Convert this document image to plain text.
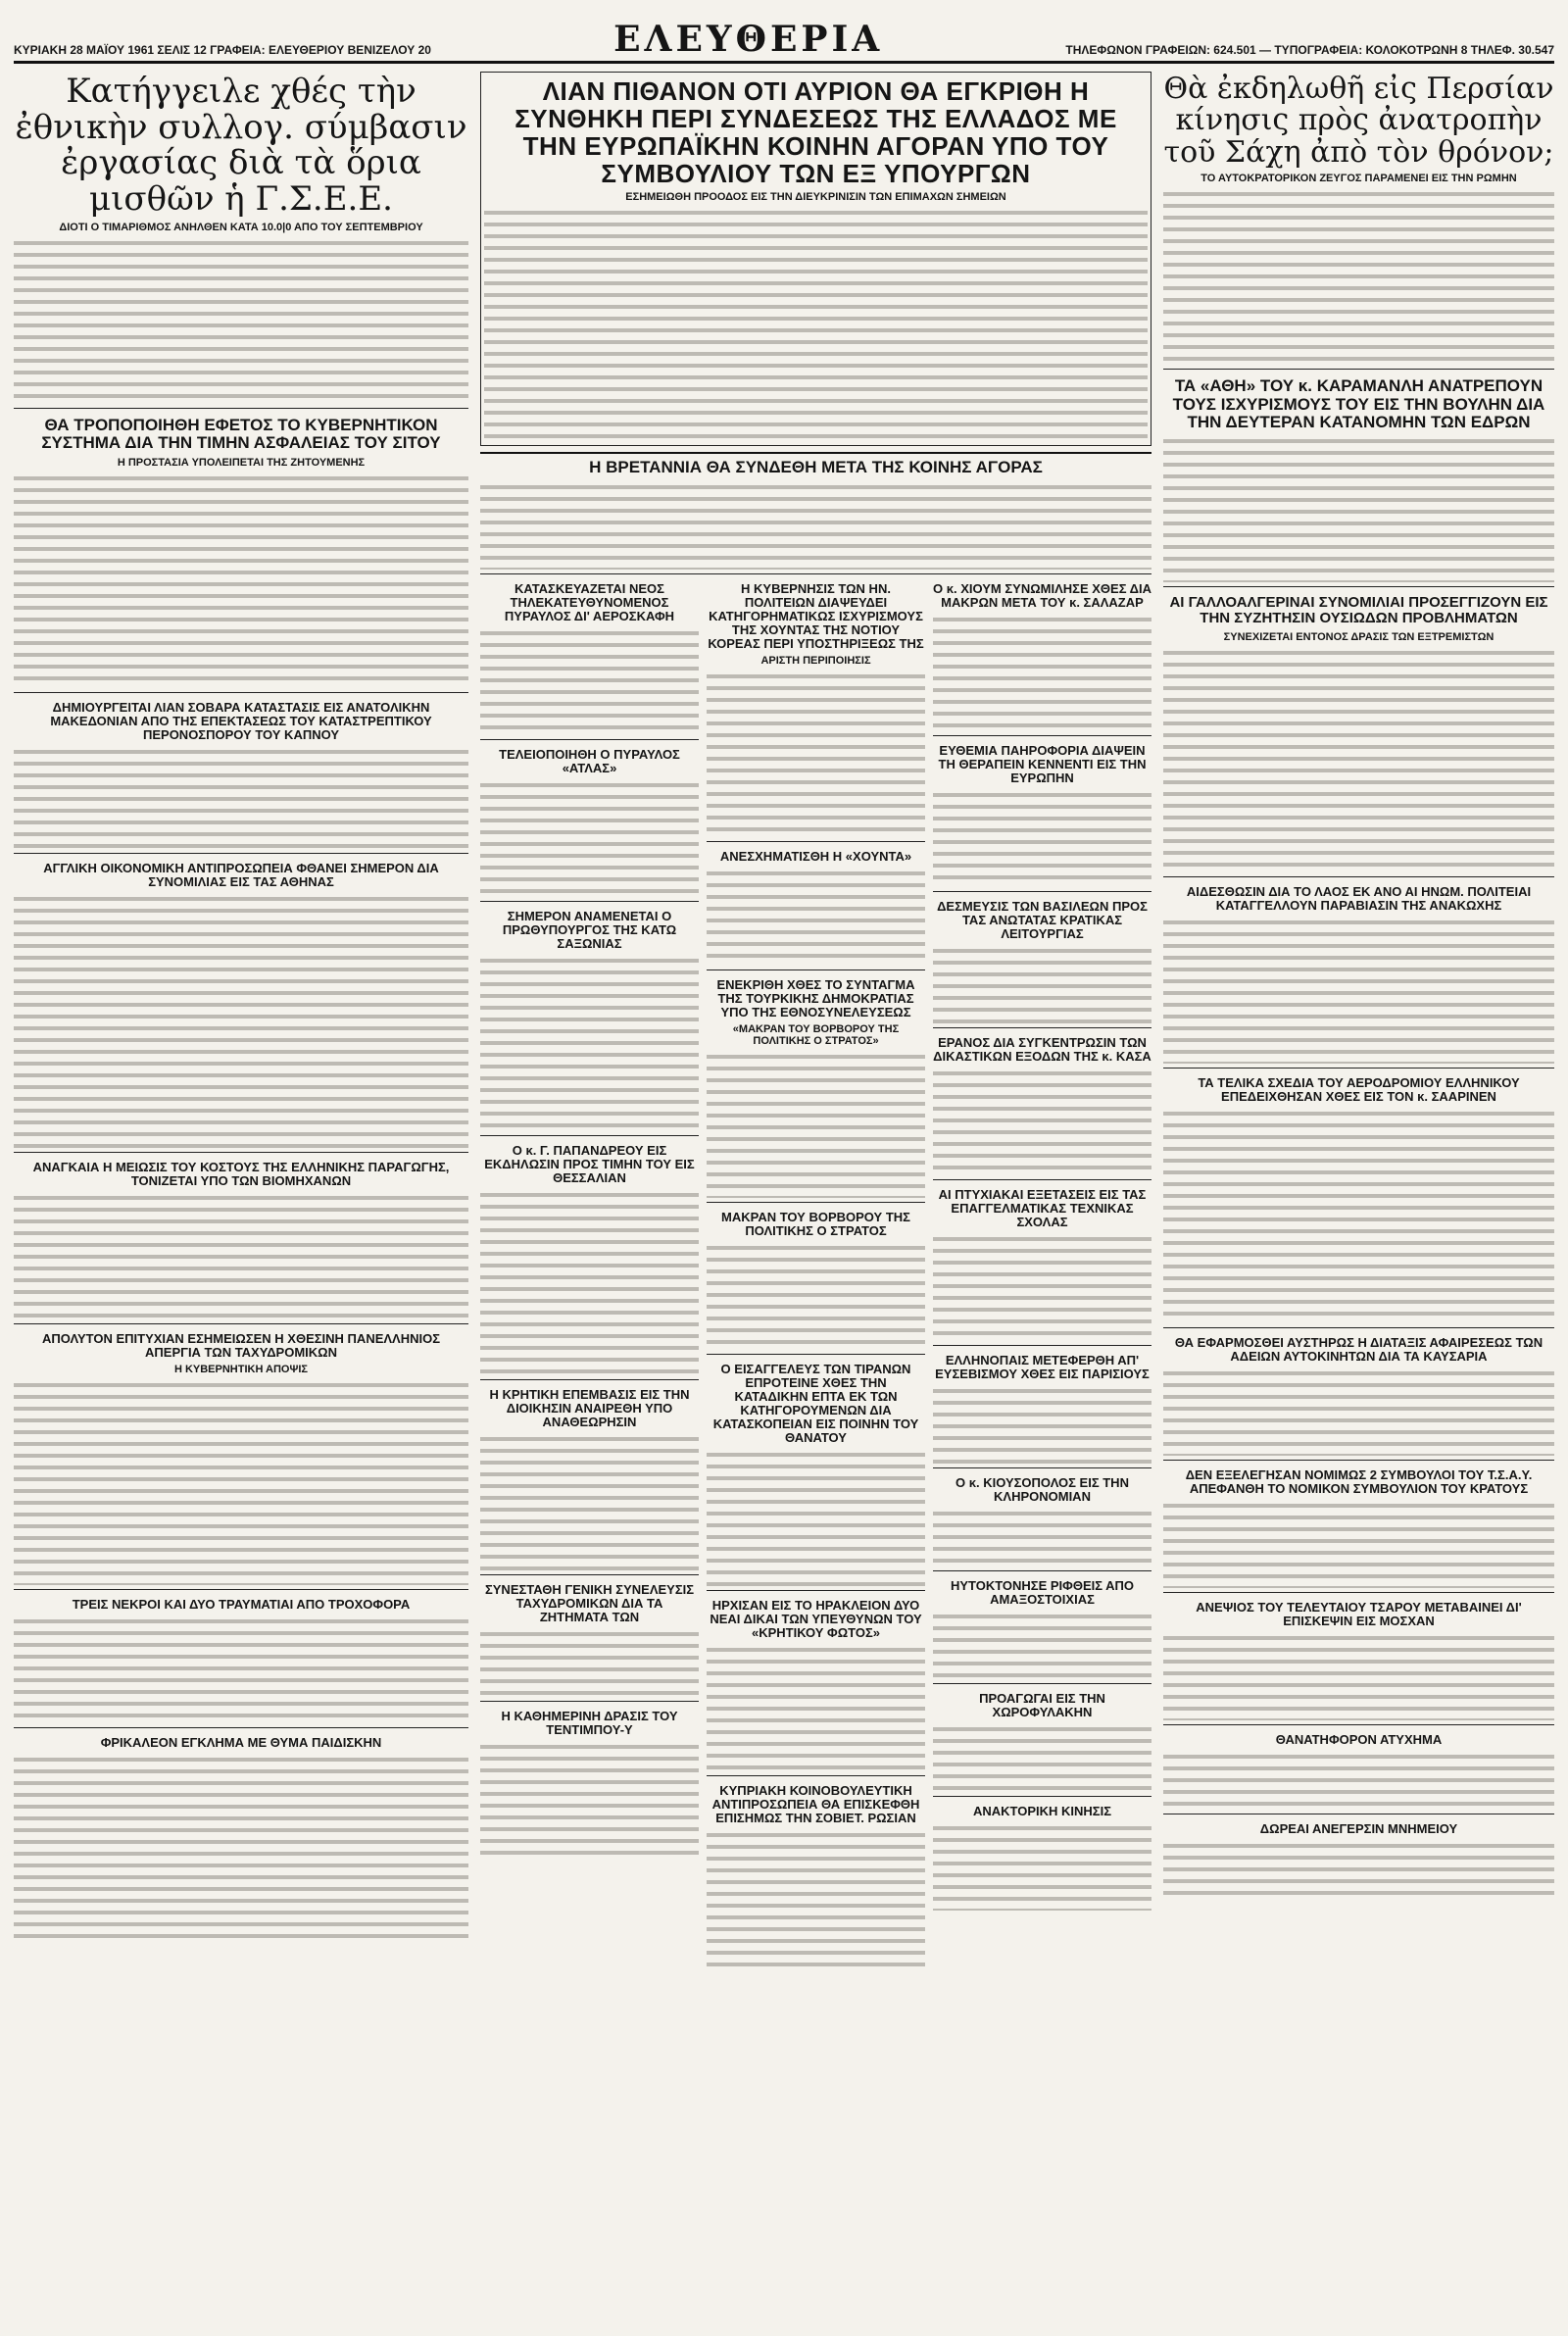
ΚΥΡΙΑΚΗ 28 ΜΑΪΟΥ 1961 ΣΕΛΙΣ 12 ΓΡΑΦΕΙΑ: ΕΛΕΥΘΕΡΙΟΥ ΒΕΝΙΖΕΛΟΥ 20	ΕΛΕΥΘΕΡΙΑ	ΤΗΛΕΦΩΝΟΝ ΓΡΑΦΕΙΩΝ: 624.501 — ΤΥΠΟΓΡΑΦΕΙΑ: ΚΟΛΟΚΟΤΡΩΝΗ 8 ΤΗΛΕΦ. 30.547
Κατήγγειλε χθές τὴν ἐθνικὴν συλλογ. σύμβασιν ἐργασίας διὰ τὰ ὅρια μισθῶν ἡ Γ.Σ.Ε.Ε.
ΔΙΟΤΙ Ο ΤΙΜΑΡΙΘΜΟΣ ΑΝΗΛΘΕΝ ΚΑΤΑ 10.0|0 ΑΠΟ ΤΟΥ ΣΕΠΤΕΜΒΡΙΟΥ
ΘΑ ΤΡΟΠΟΠΟΙΗΘΗ ΕΦΕΤΟΣ ΤΟ ΚΥΒΕΡΝΗΤΙΚΟΝ ΣΥΣΤΗΜΑ ΔΙΑ ΤΗΝ ΤΙΜΗΝ ΑΣΦΑΛΕΙΑΣ ΤΟΥ ΣΙΤΟΥ
Η ΠΡΟΣΤΑΣΙΑ ΥΠΟΛΕΙΠΕΤΑΙ ΤΗΣ ΖΗΤΟΥΜΕΝΗΣ
ΔΗΜΙΟΥΡΓΕΙΤΑΙ ΛΙΑΝ ΣΟΒΑΡΑ ΚΑΤΑΣΤΑΣΙΣ ΕΙΣ ΑΝΑΤΟΛΙΚΗΝ ΜΑΚΕΔΟΝΙΑΝ ΑΠΟ ΤΗΣ ΕΠΕΚΤΑΣΕΩΣ ΤΟΥ ΚΑΤΑΣΤΡΕΠΤΙΚΟΥ ΠΕΡΟΝΟΣΠΟΡΟΥ ΤΟΥ ΚΑΠΝΟΥ
ΑΓΓΛΙΚΗ ΟΙΚΟΝΟΜΙΚΗ ΑΝΤΙΠΡΟΣΩΠΕΙΑ ΦΘΑΝΕΙ ΣΗΜΕΡΟΝ ΔΙΑ ΣΥΝΟΜΙΛΙΑΣ ΕΙΣ ΤΑΣ ΑΘΗΝΑΣ
ΑΝΑΓΚΑΙΑ Η ΜΕΙΩΣΙΣ ΤΟΥ ΚΟΣΤΟΥΣ ΤΗΣ ΕΛΛΗΝΙΚΗΣ ΠΑΡΑΓΩΓΗΣ, ΤΟΝΙΖΕΤΑΙ ΥΠΟ ΤΩΝ ΒΙΟΜΗΧΑΝΩΝ
ΑΠΟΛΥΤΟΝ ΕΠΙΤΥΧΙΑΝ ΕΣΗΜΕΙΩΣΕΝ Η ΧΘΕΣΙΝΗ ΠΑΝΕΛΛΗΝΙΟΣ ΑΠΕΡΓΙΑ ΤΩΝ ΤΑΧΥΔΡΟΜΙΚΩΝ
Η ΚΥΒΕΡΝΗΤΙΚΗ ΑΠΟΨΙΣ
ΤΡΕΙΣ ΝΕΚΡΟΙ ΚΑΙ ΔΥΟ ΤΡΑΥΜΑΤΙΑΙ ΑΠΟ ΤΡΟΧΟΦΟΡΑ
ΦΡΙΚΑΛΕΟΝ ΕΓΚΛΗΜΑ ΜΕ ΘΥΜΑ ΠΑΙΔΙΣΚΗΝ
ΛΙΑΝ ΠΙΘΑΝΟΝ ΟΤΙ ΑΥΡΙΟΝ ΘΑ ΕΓΚΡΙΘΗ Η ΣΥΝΘΗΚΗ ΠΕΡΙ ΣΥΝΔΕΣΕΩΣ ΤΗΣ ΕΛΛΑΔΟΣ ΜΕ ΤΗΝ ΕΥΡΩΠΑΪΚΗΝ ΚΟΙΝΗΝ ΑΓΟΡΑΝ ΥΠΟ ΤΟΥ ΣΥΜΒΟΥΛΙΟΥ ΤΩΝ ΕΞ ΥΠΟΥΡΓΩΝ
ΕΣΗΜΕΙΩΘΗ ΠΡΟΟΔΟΣ ΕΙΣ ΤΗΝ ΔΙΕΥΚΡΙΝΙΣΙΝ ΤΩΝ ΕΠΙΜΑΧΩΝ ΣΗΜΕΙΩΝ
Η ΒΡΕΤΑΝΝΙΑ ΘΑ ΣΥΝΔΕΘΗ ΜΕΤΑ ΤΗΣ ΚΟΙΝΗΣ ΑΓΟΡΑΣ
ΚΑΤΑΣΚΕΥΑΖΕΤΑΙ ΝΕΟΣ ΤΗΛΕΚΑΤΕΥΘΥΝΟΜΕΝΟΣ ΠΥΡΑΥΛΟΣ ΔΙ' ΑΕΡΟΣΚΑΦΗ
ΤΕΛΕΙΟΠΟΙΗΘΗ Ο ΠΥΡΑΥΛΟΣ «ΑΤΛΑΣ»
ΣΗΜΕΡΟΝ ΑΝΑΜΕΝΕΤΑΙ Ο ΠΡΩΘΥΠΟΥΡΓΟΣ ΤΗΣ ΚΑΤΩ ΣΑΞΩΝΙΑΣ
Ο κ. Γ. ΠΑΠΑΝΔΡΕΟΥ ΕΙΣ ΕΚΔΗΛΩΣΙΝ ΠΡΟΣ ΤΙΜΗΝ ΤΟΥ ΕΙΣ ΘΕΣΣΑΛΙΑΝ
Η ΚΡΗΤΙΚΗ ΕΠΕΜΒΑΣΙΣ ΕΙΣ ΤΗΝ ΔΙΟΙΚΗΣΙΝ ΑΝΑΙΡΕΘΗ ΥΠΟ ΑΝΑΘΕΩΡΗΣΙΝ
ΣΥΝΕΣΤΑΘΗ ΓΕΝΙΚΗ ΣΥΝΕΛΕΥΣΙΣ ΤΑΧΥΔΡΟΜΙΚΩΝ ΔΙΑ ΤΑ ΖΗΤΗΜΑΤΑ ΤΩΝ
Η ΚΑΘΗΜΕΡΙΝΗ ΔΡΑΣΙΣ ΤΟΥ ΤΕΝΤΙΜΠΟΥ-Υ
Η ΚΥΒΕΡΝΗΣΙΣ ΤΩΝ ΗΝ. ΠΟΛΙΤΕΙΩΝ ΔΙΑΨΕΥΔΕΙ ΚΑΤΗΓΟΡΗΜΑΤΙΚΩΣ ΙΣΧΥΡΙΣΜΟΥΣ ΤΗΣ ΧΟΥΝΤΑΣ ΤΗΣ ΝΟΤΙΟΥ ΚΟΡΕΑΣ ΠΕΡΙ ΥΠΟΣΤΗΡΙΞΕΩΣ ΤΗΣ
ΑΡΙΣΤΗ ΠΕΡΙΠΟΙΗΣΙΣ
ΑΝΕΣΧΗΜΑΤΙΣΘΗ Η «ΧΟΥΝΤΑ»
ΕΝΕΚΡΙΘΗ ΧΘΕΣ ΤΟ ΣΥΝΤΑΓΜΑ ΤΗΣ ΤΟΥΡΚΙΚΗΣ ΔΗΜΟΚΡΑΤΙΑΣ ΥΠΟ ΤΗΣ ΕΘΝΟΣΥΝΕΛΕΥΣΕΩΣ
«ΜΑΚΡΑΝ ΤΟΥ ΒΟΡΒΟΡΟΥ ΤΗΣ ΠΟΛΙΤΙΚΗΣ Ο ΣΤΡΑΤΟΣ»
ΜΑΚΡΑΝ ΤΟΥ ΒΟΡΒΟΡΟΥ ΤΗΣ ΠΟΛΙΤΙΚΗΣ Ο ΣΤΡΑΤΟΣ
Ο ΕΙΣΑΓΓΕΛΕΥΣ ΤΩΝ ΤΙΡΑΝΩΝ ΕΠΡΟΤΕΙΝΕ ΧΘΕΣ ΤΗΝ ΚΑΤΑΔΙΚΗΝ ΕΠΤΑ ΕΚ ΤΩΝ ΚΑΤΗΓΟΡΟΥΜΕΝΩΝ ΔΙΑ ΚΑΤΑΣΚΟΠΕΙΑΝ ΕΙΣ ΠΟΙΝΗΝ ΤΟΥ ΘΑΝΑΤΟΥ
ΗΡΧΙΣΑΝ ΕΙΣ ΤΟ ΗΡΑΚΛΕΙΟΝ ΔΥΟ ΝΕΑΙ ΔΙΚΑΙ ΤΩΝ ΥΠΕΥΘΥΝΩΝ ΤΟΥ «ΚΡΗΤΙΚΟΥ ΦΩΤΟΣ»
ΚΥΠΡΙΑΚΗ ΚΟΙΝΟΒΟΥΛΕΥΤΙΚΗ ΑΝΤΙΠΡΟΣΩΠΕΙΑ ΘΑ ΕΠΙΣΚΕΦΘΗ ΕΠΙΣΗΜΩΣ ΤΗΝ ΣΟΒΙΕΤ. ΡΩΣΙΑΝ
Ο κ. ΧΙΟΥΜ ΣΥΝΩΜΙΛΗΣΕ ΧΘΕΣ ΔΙΑ ΜΑΚΡΩΝ ΜΕΤΑ ΤΟΥ κ. ΣΑΛΑΖΑΡ
ΕΥΘΕΜΙΑ ΠΑΗΡΟΦΟΡΙΑ ΔΙΑΨΕΙΝ ΤΗ ΘΕΡΑΠΕΙΝ ΚΕΝΝΕΝΤΙ ΕΙΣ ΤΗΝ ΕΥΡΩΠΗΝ
ΔΕΣΜΕΥΣΙΣ ΤΩΝ ΒΑΣΙΛΕΩΝ ΠΡΟΣ ΤΑΣ ΑΝΩΤΑΤΑΣ ΚΡΑΤΙΚΑΣ ΛΕΙΤΟΥΡΓΙΑΣ
ΕΡΑΝΟΣ ΔΙΑ ΣΥΓΚΕΝΤΡΩΣΙΝ ΤΩΝ ΔΙΚΑΣΤΙΚΩΝ ΕΞΟΔΩΝ ΤΗΣ κ. ΚΑΣΑ
ΑΙ ΠΤΥΧΙΑΚΑΙ ΕΞΕΤΑΣΕΙΣ ΕΙΣ ΤΑΣ ΕΠΑΓΓΕΛΜΑΤΙΚΑΣ ΤΕΧΝΙΚΑΣ ΣΧΟΛΑΣ
ΕΛΛΗΝΟΠΑΙΣ ΜΕΤΕΦΕΡΘΗ ΑΠ' ΕΥΣΕΒΙΣΜΟΥ ΧΘΕΣ ΕΙΣ ΠΑΡΙΣΙΟΥΣ
Ο κ. ΚΙΟΥΣΟΠΟΛΟΣ ΕΙΣ ΤΗΝ ΚΛΗΡΟΝΟΜΙΑΝ
ΗΥΤΟΚΤΟΝΗΣΕ ΡΙΦΘΕΙΣ ΑΠΟ ΑΜΑΞΟΣΤΟΙΧΙΑΣ
ΠΡΟΑΓΩΓΑΙ ΕΙΣ ΤΗΝ ΧΩΡΟΦΥΛΑΚΗΝ
ΑΝΑΚΤΟΡΙΚΗ ΚΙΝΗΣΙΣ
Θὰ ἐκδηλωθῆ εἰς Περσίαν κίνησις πρὸς ἀνατροπὴν τοῦ Σάχη ἀπὸ τὸν θρόνον;
ΤΟ ΑΥΤΟΚΡΑΤΟΡΙΚΟΝ ΖΕΥΓΟΣ ΠΑΡΑΜΕΝΕΙ ΕΙΣ ΤΗΝ ΡΩΜΗΝ
ΤΑ «ΑΘΗ» ΤΟΥ κ. ΚΑΡΑΜΑΝΛΗ ΑΝΑΤΡΕΠΟΥΝ ΤΟΥΣ ΙΣΧΥΡΙΣΜΟΥΣ ΤΟΥ ΕΙΣ ΤΗΝ ΒΟΥΛΗΝ ΔΙΑ ΤΗΝ ΔΕΥΤΕΡΑΝ ΚΑΤΑΝΟΜΗΝ ΤΩΝ ΕΔΡΩΝ
ΑΙ ΓΑΛΛΟΑΛΓΕΡΙΝΑΙ ΣΥΝΟΜΙΛΙΑΙ ΠΡΟΣΕΓΓΙΖΟΥΝ ΕΙΣ ΤΗΝ ΣΥΖΗΤΗΣΙΝ ΟΥΣΙΩΔΩΝ ΠΡΟΒΛΗΜΑΤΩΝ
ΣΥΝΕΧΙΖΕΤΑΙ ΕΝΤΟΝΟΣ ΔΡΑΣΙΣ ΤΩΝ ΕΞΤΡΕΜΙΣΤΩΝ
ΑΙΔΕΣΘΩΣΙΝ ΔΙΑ ΤΟ ΛΑΟΣ ΕΚ ΑΝΟ ΑΙ ΗΝΩΜ. ΠΟΛΙΤΕΙΑΙ ΚΑΤΑΓΓΕΛΛΟΥΝ ΠΑΡΑΒΙΑΣΙΝ ΤΗΣ ΑΝΑΚΩΧΗΣ
ΤΑ ΤΕΛΙΚΑ ΣΧΕΔΙΑ ΤΟΥ ΑΕΡΟΔΡΟΜΙΟΥ ΕΛΛΗΝΙΚΟΥ ΕΠΕΔΕΙΧΘΗΣΑΝ ΧΘΕΣ ΕΙΣ ΤΟΝ κ. ΣΑΑΡΙΝΕΝ
ΘΑ ΕΦΑΡΜΟΣΘΕΙ ΑΥΣΤΗΡΩΣ Η ΔΙΑΤΑΞΙΣ ΑΦΑΙΡΕΣΕΩΣ ΤΩΝ ΑΔΕΙΩΝ ΑΥΤΟΚΙΝΗΤΩΝ ΔΙΑ ΤΑ ΚΑΥΣΑΡΙΑ
ΔΕΝ ΕΞΕΛΕΓΗΣΑΝ ΝΟΜΙΜΩΣ 2 ΣΥΜΒΟΥΛΟΙ ΤΟΥ Τ.Σ.Α.Υ. ΑΠΕΦΑΝΘΗ ΤΟ ΝΟΜΙΚΟΝ ΣΥΜΒΟΥΛΙΟΝ ΤΟΥ ΚΡΑΤΟΥΣ
ΑΝΕΨΙΟΣ ΤΟΥ ΤΕΛΕΥΤΑΙΟΥ ΤΣΑΡΟΥ ΜΕΤΑΒΑΙΝΕΙ ΔΙ' ΕΠΙΣΚΕΨΙΝ ΕΙΣ ΜΟΣΧΑΝ
ΘΑΝΑΤΗΦΟΡΟΝ ΑΤΥΧΗΜΑ
ΔΩΡΕΑΙ ΑΝΕΓΕΡΣΙΝ ΜΝΗΜΕΙΟΥ
